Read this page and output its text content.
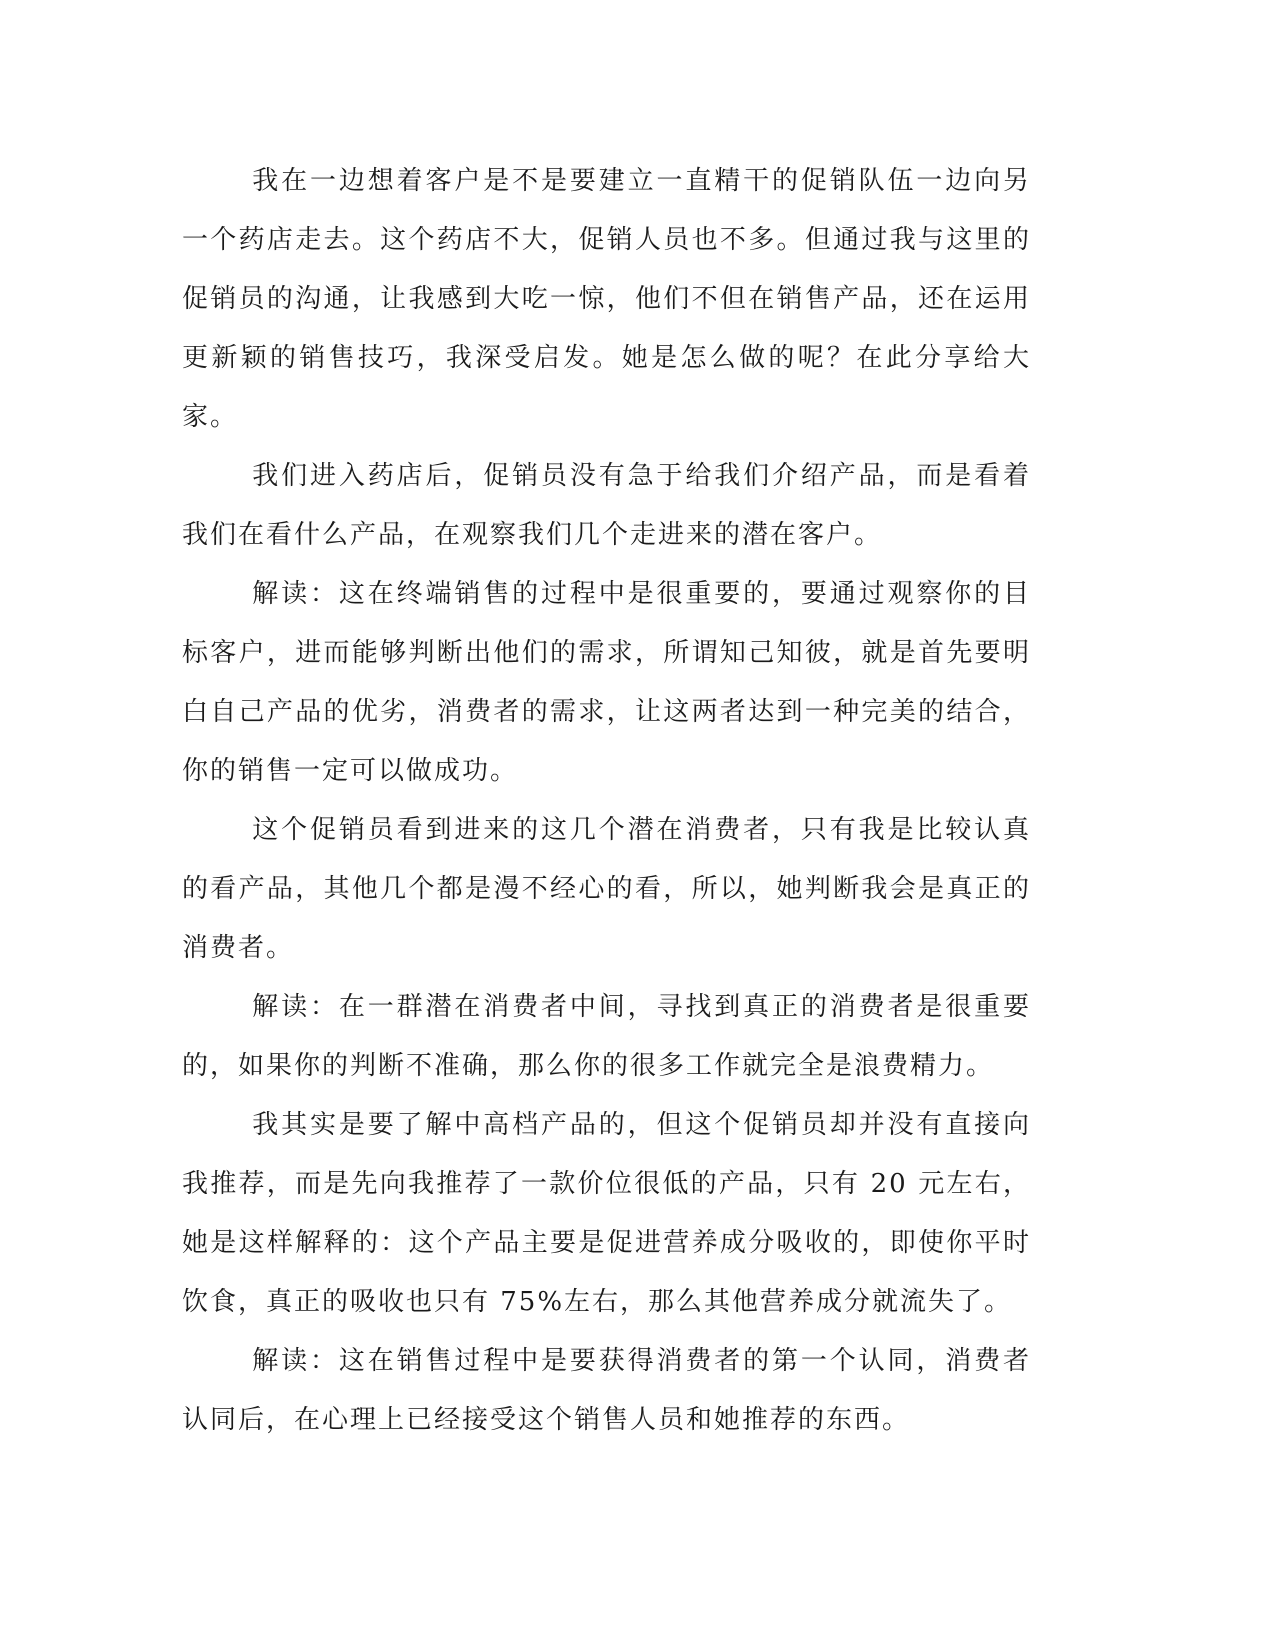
我在一边想着客户是不是要建立一直精干的促销队伍一边向另一个药店走去。这个药店不大，促销人员也不多。但通过我与这里的促销员的沟通，让我感到大吃一惊，他们不但在销售产品，还在运用更新颖的销售技巧，我深受启发。她是怎么做的呢？在此分享给大家。

我们进入药店后，促销员没有急于给我们介绍产品，而是看着我们在看什么产品，在观察我们几个走进来的潜在客户。

解读：这在终端销售的过程中是很重要的，要通过观察你的目标客户，进而能够判断出他们的需求，所谓知己知彼，就是首先要明白自己产品的优劣，消费者的需求，让这两者达到一种完美的结合，你的销售一定可以做成功。

这个促销员看到进来的这几个潜在消费者，只有我是比较认真的看产品，其他几个都是漫不经心的看，所以，她判断我会是真正的消费者。

解读：在一群潜在消费者中间，寻找到真正的消费者是很重要的，如果你的判断不准确，那么你的很多工作就完全是浪费精力。

我其实是要了解中高档产品的，但这个促销员却并没有直接向我推荐，而是先向我推荐了一款价位很低的产品，只有 20 元左右，她是这样解释的：这个产品主要是促进营养成分吸收的，即使你平时饮食，真正的吸收也只有 75%左右，那么其他营养成分就流失了。

解读：这在销售过程中是要获得消费者的第一个认同，消费者认同后，在心理上已经接受这个销售人员和她推荐的东西。
